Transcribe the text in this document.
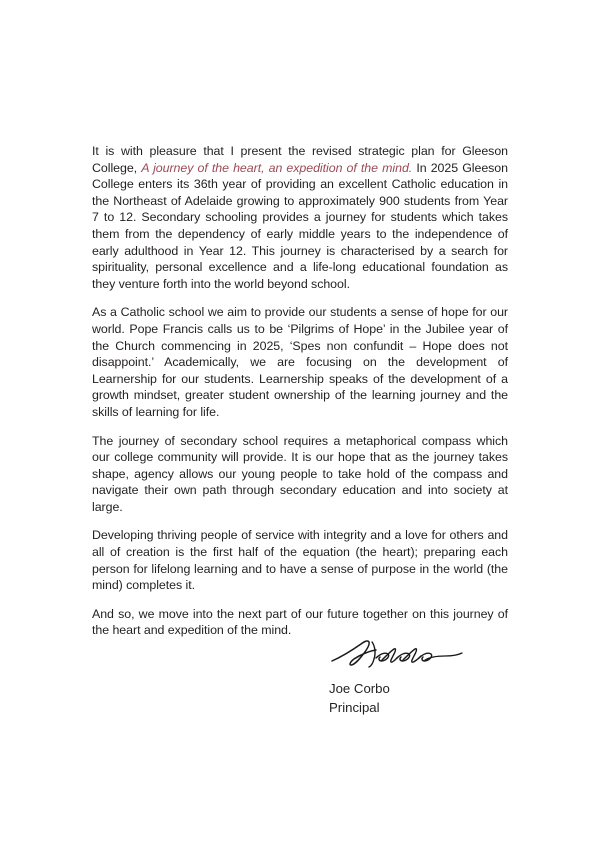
It is with pleasure that I present the revised strategic plan for Gleeson College, A journey of the heart, an expedition of the mind. In 2025 Gleeson College enters its 36th year of providing an excellent Catholic education in the Northeast of Adelaide growing to approximately 900 students from Year 7 to 12. Secondary schooling provides a journey for students which takes them from the dependency of early middle years to the independence of early adulthood in Year 12. This journey is characterised by a search for spirituality, personal excellence and a life-long educational foundation as they venture forth into the world beyond school.

As a Catholic school we aim to provide our students a sense of hope for our world. Pope Francis calls us to be ‘Pilgrims of Hope’ in the Jubilee year of the Church commencing in 2025, ‘Spes non confundit – Hope does not disappoint.’ Academically, we are focusing on the development of Learnership for our students. Learnership speaks of the development of a growth mindset, greater student ownership of the learning journey and the skills of learning for life.

The journey of secondary school requires a metaphorical compass which our college community will provide. It is our hope that as the journey takes shape, agency allows our young people to take hold of the compass and navigate their own path through secondary education and into society at large.

Developing thriving people of service with integrity and a love for others and all of creation is the first half of the equation (the heart); preparing each person for lifelong learning and to have a sense of purpose in the world (the mind) completes it.

And so, we move into the next part of our future together on this journey of the heart and expedition of the mind.

Joe Corbo
Principal
